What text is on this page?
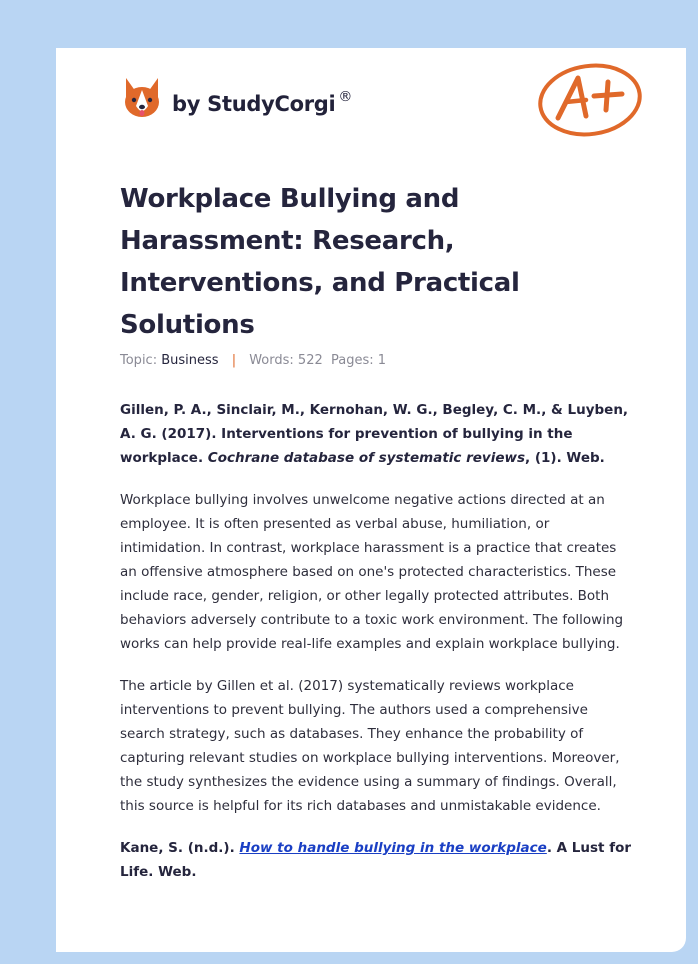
by StudyCorgi ®
Workplace Bullying and Harassment: Research, Interventions, and Practical Solutions
Topic: Business | Words: 522 Pages: 1

Gillen, P. A., Sinclair, M., Kernohan, W. G., Begley, C. M., & Luyben, A. G. (2017). Interventions for prevention of bullying in the workplace. Cochrane database of systematic reviews, (1). Web.

Workplace bullying involves unwelcome negative actions directed at an employee. It is often presented as verbal abuse, humiliation, or intimidation. In contrast, workplace harassment is a practice that creates an offensive atmosphere based on one's protected characteristics. These include race, gender, religion, or other legally protected attributes. Both behaviors adversely contribute to a toxic work environment. The following works can help provide real-life examples and explain workplace bullying.

The article by Gillen et al. (2017) systematically reviews workplace interventions to prevent bullying. The authors used a comprehensive search strategy, such as databases. They enhance the probability of capturing relevant studies on workplace bullying interventions. Moreover, the study synthesizes the evidence using a summary of findings. Overall, this source is helpful for its rich databases and unmistakable evidence.

Kane, S. (n.d.). How to handle bullying in the workplace. A Lust for Life. Web.
